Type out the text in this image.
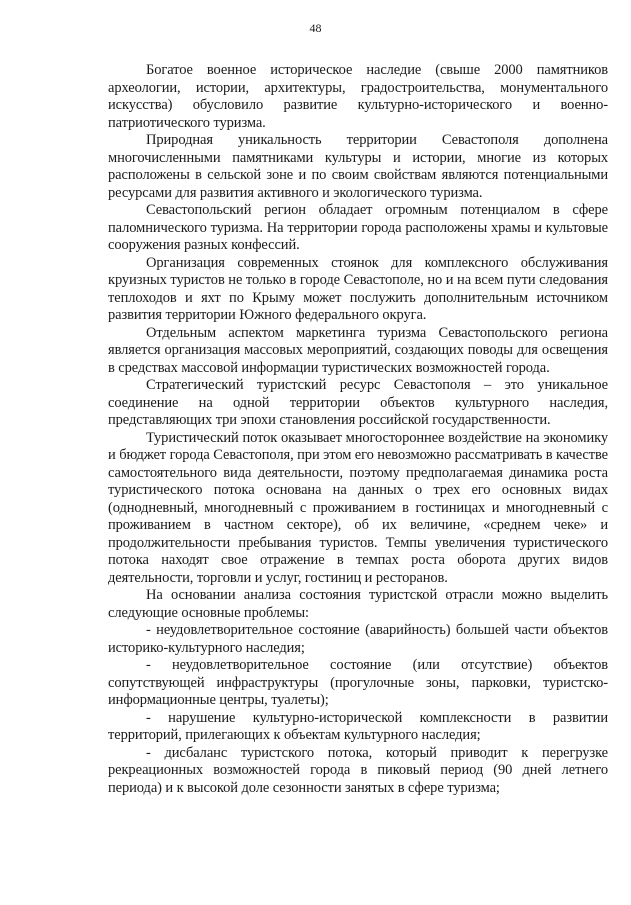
48

Богатое военное историческое наследие (свыше 2000 памятников археологии, истории, архитектуры, градостроительства, монументального искусства) обусловило развитие культурно-исторического и военно-патриотического туризма.

Природная уникальность территории Севастополя дополнена многочисленными памятниками культуры и истории, многие из которых расположены в сельской зоне и по своим свойствам являются потенциальными ресурсами для развития активного и экологического туризма.

Севастопольский регион обладает огромным потенциалом в сфере паломнического туризма. На территории города расположены храмы и культовые сооружения разных конфессий.

Организация современных стоянок для комплексного обслуживания круизных туристов не только в городе Севастополе, но и на всем пути следования теплоходов и яхт по Крыму может послужить дополнительным источником развития территории Южного федерального округа.

Отдельным аспектом маркетинга туризма Севастопольского региона является организация массовых мероприятий, создающих поводы для освещения в средствах массовой информации туристических возможностей города.

Стратегический туристский ресурс Севастополя – это уникальное соединение на одной территории объектов культурного наследия, представляющих три эпохи становления российской государственности.

Туристический поток оказывает многостороннее воздействие на экономику и бюджет города Севастополя, при этом его невозможно рассматривать в качестве самостоятельного вида деятельности, поэтому предполагаемая динамика роста туристического потока основана на данных о трех его основных видах (однодневный, многодневный с проживанием в гостиницах и многодневный с проживанием в частном секторе), об их величине, «среднем чеке» и продолжительности пребывания туристов. Темпы увеличения туристического потока находят свое отражение в темпах роста оборота других видов деятельности, торговли и услуг, гостиниц и ресторанов.

На основании анализа состояния туристской отрасли можно выделить следующие основные проблемы:

- неудовлетворительное состояние (аварийность) большей части объектов историко-культурного наследия;

- неудовлетворительное состояние (или отсутствие) объектов сопутствующей инфраструктуры (прогулочные зоны, парковки, туристско-информационные центры, туалеты);

- нарушение культурно-исторической комплексности в развитии территорий, прилегающих к объектам культурного наследия;

- дисбаланс туристского потока, который приводит к перегрузке рекреационных возможностей города в пиковый период (90 дней летнего периода) и к высокой доле сезонности занятых в сфере туризма;
